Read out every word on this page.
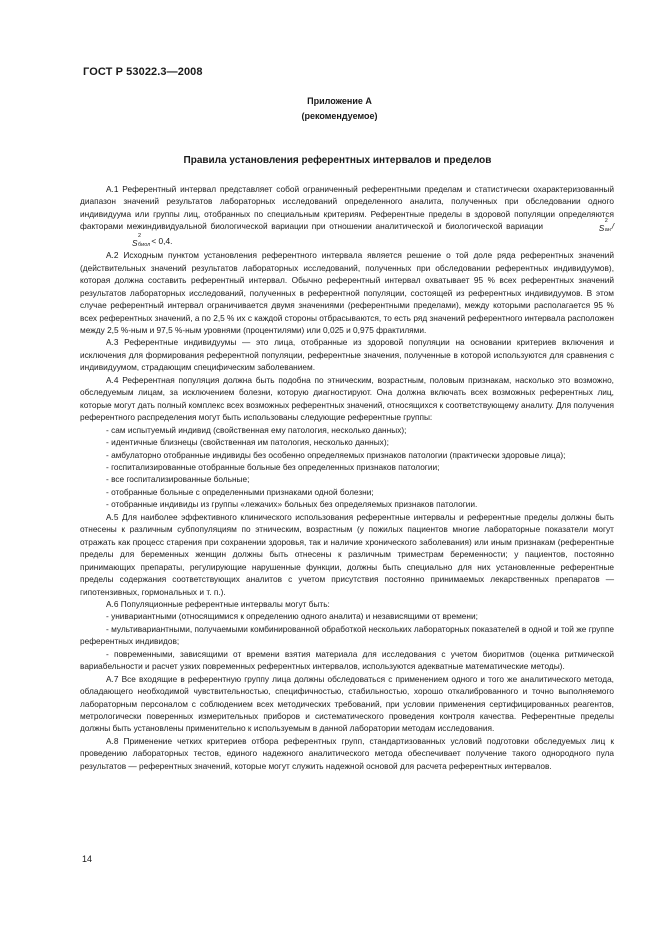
ГОСТ Р 53022.3—2008
Приложение А
(рекомендуемое)
Правила установления референтных интервалов и пределов

А.1 Референтный интервал представляет собой ограниченный референтными пределам и статистически охарактеризованный диапазон значений результатов лабораторных исследований определенного аналита, полученных при обследовании одного индивидуума или группы лиц, отобранных по специальным критериям. Референтные пределы в здоровой популяции определяются факторами межиндивидуальной биологической вариации при отношении аналитической и биологической вариации	S
2
ан /S
2
биол
< 0,4.

А.2 Исходным пунктом установления референтного интервала является решение о той доле ряда референтных значений (действительных значений результатов лабораторных исследований, полученных при обследовании референтных индивидуумов), которая должна составить референтный интервал. Обычно референтный интервал охватывает 95 % всех референтных значений результатов лабораторных исследований, полученных в референтной популяции, состоящей из референтных индивидуумов. В этом случае референтный интервал ограничивается двумя значениями (референтными пределами), между которыми располагается 95 % всех референтных значений, а по 2,5 % их с каждой стороны отбрасываются, то есть ряд значений референтного интервала расположен между 2,5 %-ным и 97,5 %-ным уровнями (процентилями) или 0,025 и 0,975 фрактилями.

А.3 Референтные индивидуумы — это лица, отобранные из здоровой популяции на основании критериев включения и исключения для формирования референтной популяции, референтные значения, полученные в которой используются для сравнения с индивидуумом, страдающим специфическим заболеванием.

А.4 Референтная популяция должна быть подобна по этническим, возрастным, половым признакам, насколько это возможно, обследуемым лицам, за исключением болезни, которую диагностируют. Она должна включать всех возможных референтных лиц, которые могут дать полный комплекс всех возможных референтных значений, относящихся к соответствующему аналиту. Для получения референтного распределения могут быть использованы следующие референтные группы:

- сам испытуемый индивид (свойственная ему патология, несколько данных);

- идентичные близнецы (свойственная им патология, несколько данных);

- амбулаторно отобранные индивиды без особенно определяемых признаков патологии (практически здоровые лица);

- госпитализированные отобранные больные без определенных признаков патологии;

- все госпитализированные больные;

- отобранные больные с определенными признаками одной болезни;

- отобранные индивиды из группы «лежачих» больных без определяемых признаков патологии.

А.5 Для наиболее эффективного клинического использования референтные интервалы и референтные пределы должны быть отнесены к различным субпопуляциям по этническим, возрастным (у пожилых пациентов многие лабораторные показатели могут отражать как процесс старения при сохранении здоровья, так и наличие хронического заболевания) или иным признакам (референтные пределы для беременных женщин должны быть отнесены к различным триместрам беременности; у пациентов, постоянно принимающих препараты, регулирующие нарушенные функции, должны быть специально для них установленные референтные пределы содержания соответствующих аналитов с учетом присутствия постоянно принимаемых лекарственных препаратов — гипотензивных, гормональных и т. п.).

А.6 Популяционные референтные интервалы могут быть:

- унивариантными (относящимися к определению одного аналита) и независящими от времени;

- мультивариантными, получаемыми комбинированной обработкой нескольких лабораторных показателей в одной и той же группе референтных индивидов;

- повременными, зависящими от времени взятия материала для исследования с учетом биоритмов (оценка ритмической вариабельности и расчет узких повременных референтных интервалов, используются адекватные математические методы).

А.7 Все входящие в референтную группу лица должны обследоваться с применением одного и того же аналитического метода, обладающего необходимой чувствительностью, специфичностью, стабильностью, хорошо откалиброванного и точно выполняемого лабораторным персоналом с соблюдением всех методических требований, при условии применения сертифицированных реагентов, метрологически поверенных измерительных приборов и систематического проведения контроля качества. Референтные пределы должны быть установлены применительно к используемым в данной лаборатории методам исследования.

А.8 Применение четких критериев отбора референтных групп, стандартизованных условий подготовки обследуемых лиц к проведению лабораторных тестов, единого надежного аналитического метода обеспечивает получение такого однородного пула результатов — референтных значений, которые могут служить надежной основой для расчета референтных интервалов.

14
